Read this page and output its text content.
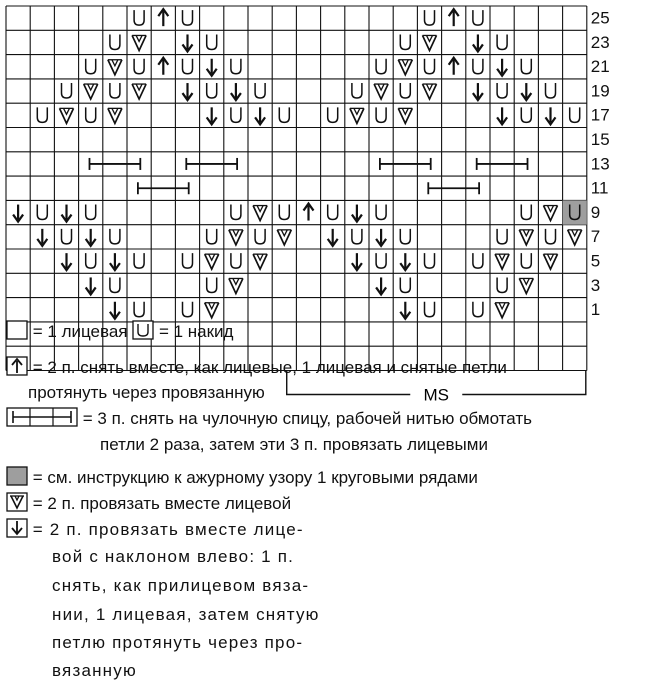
25
23
21
19
17
15
13
11
9
7
5
3
1
MS
= 1 лицевая = 1 накид
= 2 п. снять вместе, как лицевые, 1 лицевая и снятые петли
протянуть через провязанную
= 3 п. снять на чулочную спицу, рабочей нитью обмотать
петли 2 раза, затем эти 3 п. провязать лицевыми
= см. инструкцию к ажурному узору 1 круговыми рядами
= 2 п. провязать вместе лицевой
= 2 п. провязать вместе лице-
вой с наклоном влево: 1 п.
снять, как прилицевом вяза-
нии, 1 лицевая, затем снятую
петлю протянуть через про-
вязанную
